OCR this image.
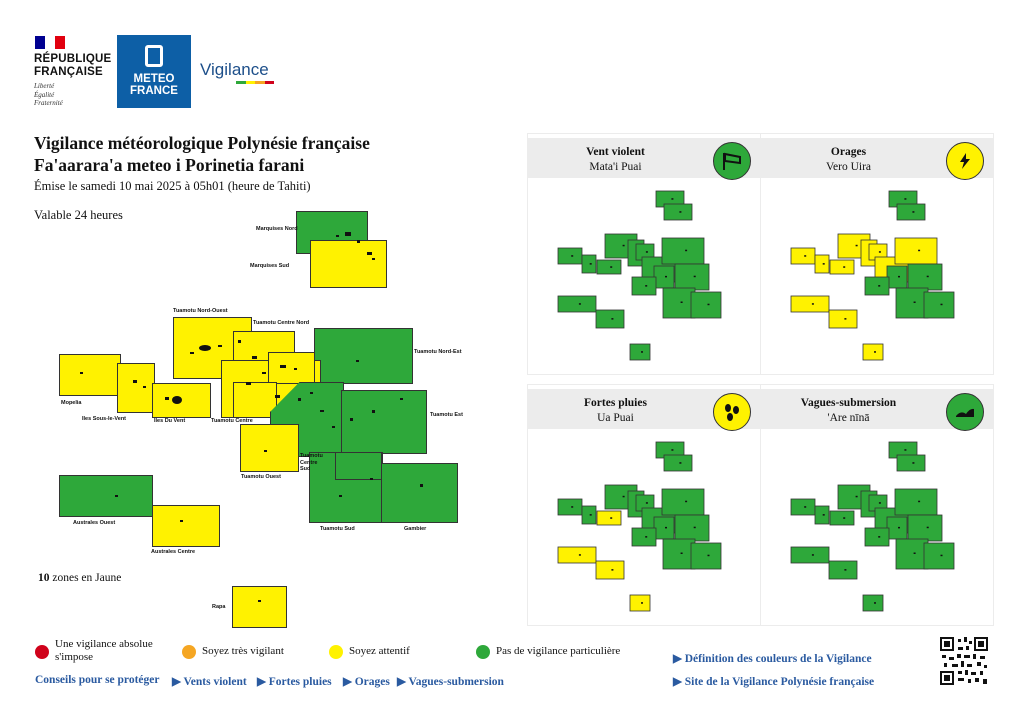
RÉPUBLIQUE
FRANÇAISE
Liberté
Égalité
Fraternité
METEO
FRANCE
Vigilance
Vigilance météorologique Polynésie française
Fa'aarara'a meteo i Porinetia farani
Émise le samedi 10 mai 2025 à 05h01 (heure de Tahiti)
Valable 24 heures
Marquises Nord
Marquises Sud
Tuamotu Nord-Ouest
Tuamotu Centre Nord
Tuamotu Nord-Est
Mopelia
Iles Sous-le-Vent	Iles Du Vent	Tuamotu Centre
Tuamotu Est
Tuamotu Ouest
Tuamotu Centre Sud
Australes Ouest
Australes Centre
Tuamotu Sud	Gambier
Rapa
10 zones en Jaune
Vent violent
Mata'i Puai
Orages
Vero Uira
Fortes pluies
Ua Puai
Vagues-submersion
'Are nīnā
Une vigilance absolue s'impose	Soyez très vigilant	Soyez attentif	Pas de vigilance particulière
Conseils pour se protéger ▶ Vents violent ▶ Fortes pluies ▶ Orages ▶ Vagues-submersion
▶ Définition des couleurs de la Vigilance
▶ Site de la Vigilance Polynésie française
